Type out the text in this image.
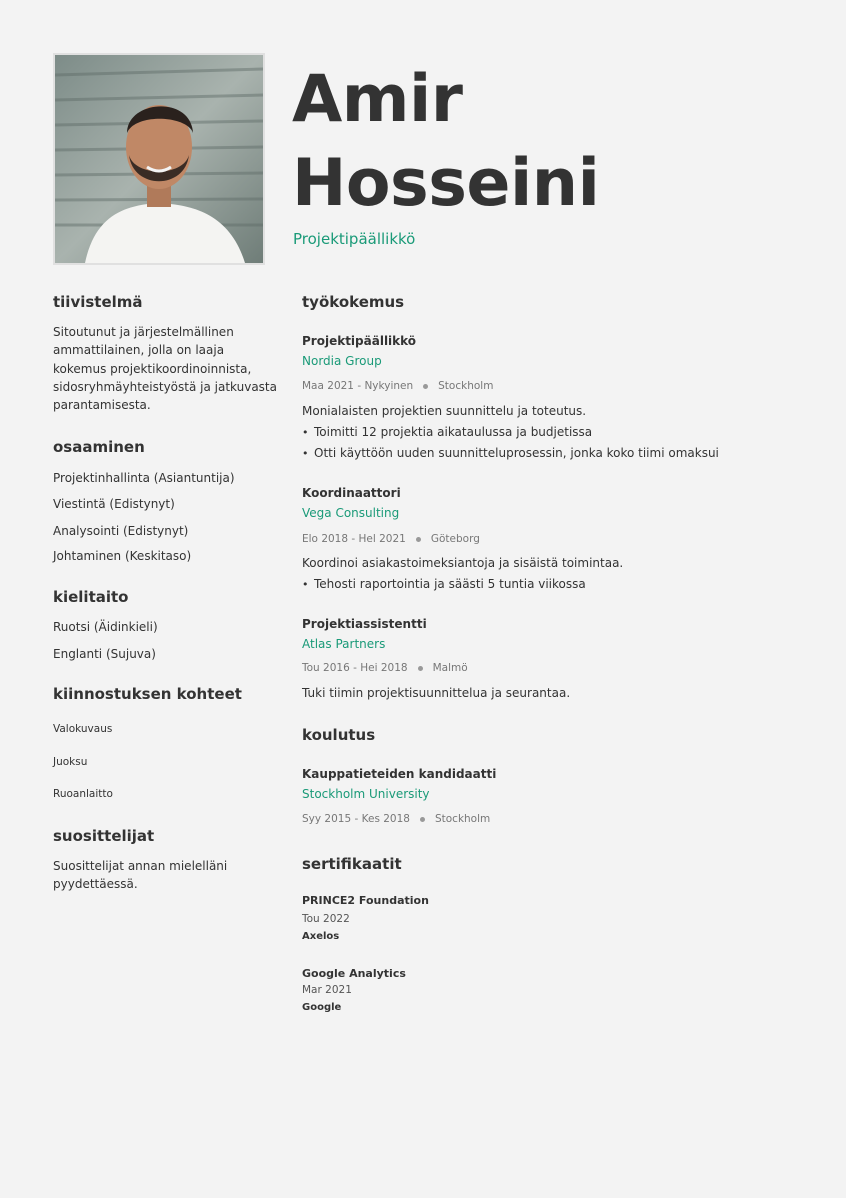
Amir
Hosseini
Projektipäällikkö
tiivistelmä
Sitoutunut ja järjestelmällinen
ammattilainen, jolla on laaja
kokemus projektikoordinoinnista,
sidosryhmäyhteistyöstä ja jatkuvasta
parantamisesta.
osaaminen
Projektinhallinta (Asiantuntija)
Viestintä (Edistynyt)
Analysointi (Edistynyt)
Johtaminen (Keskitaso)
kielitaito
Ruotsi (Äidinkieli)
Englanti (Sujuva)
kiinnostuksen kohteet
Valokuvaus
Juoksu
Ruoanlaitto
suosittelijat
Suosittelijat annan mielelläni
pyydettäessä.
työkokemus
Projektipäällikkö
Nordia Group
Maa 2021 - Nykyinen Stockholm
Monialaisten projektien suunnittelu ja toteutus.
• Toimitti 12 projektia aikataulussa ja budjetissa
• Otti käyttöön uuden suunnitteluprosessin, jonka koko tiimi omaksui
Koordinaattori
Vega Consulting
Elo 2018 - Hel 2021 Göteborg
Koordinoi asiakastoimeksiantoja ja sisäistä toimintaa.
• Tehosti raportointia ja säästi 5 tuntia viikossa
Projektiassistentti
Atlas Partners
Tou 2016 - Hei 2018 Malmö
Tuki tiimin projektisuunnittelua ja seurantaa.
koulutus
Kauppatieteiden kandidaatti
Stockholm University
Syy 2015 - Kes 2018 Stockholm
sertifikaatit
PRINCE2 Foundation
Tou 2022
Axelos
Google Analytics
Mar 2021
Google
